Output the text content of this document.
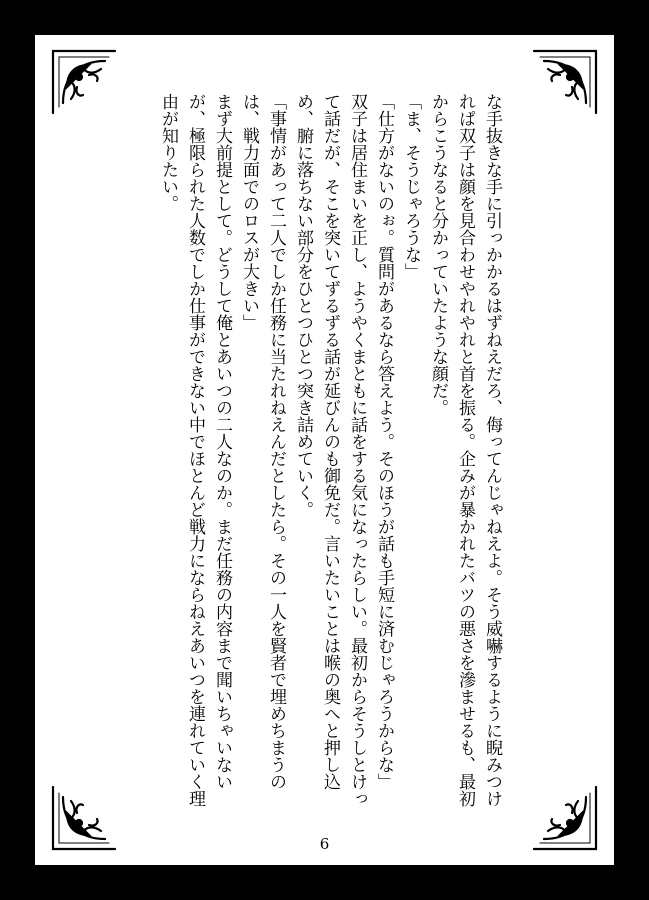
な手抜きな手に引っかかるはずねえだろ、侮ってんじゃねえよ。そう威嚇するように睨みつけれぱ双子は顔を見合わせやれやれと首を振る。企みが暴かれたバツの悪さを滲ませるも、最初からこうなると分かっていたような顔だ。

「ま、そうじゃろうな」

「仕方がないのぉ。質問があるなら答えよう。そのほうが話も手短に済むじゃろうからな」

双子は居住まいを正し、ようやくまともに話をする気になったらしい。最初からそうしとけって話だが、そこを突いてずるずる話が延びんのも御免だ。言いたいことは喉の奥へと押し込め、腑に落ちない部分をひとつひとつ突き詰めていく。

「事情があって二人でしか任務に当たれねえんだとしたら。その一人を賢者で埋めちまうのは、戦力面でのロスが大きい」

まず大前提として。どうして俺とあいつの二人なのか。まだ任務の内容まで聞いちゃいないが、極限られた人数でしか仕事ができない中でほとんど戦力にならねえあいつを連れていく理由が知りたい。

6
